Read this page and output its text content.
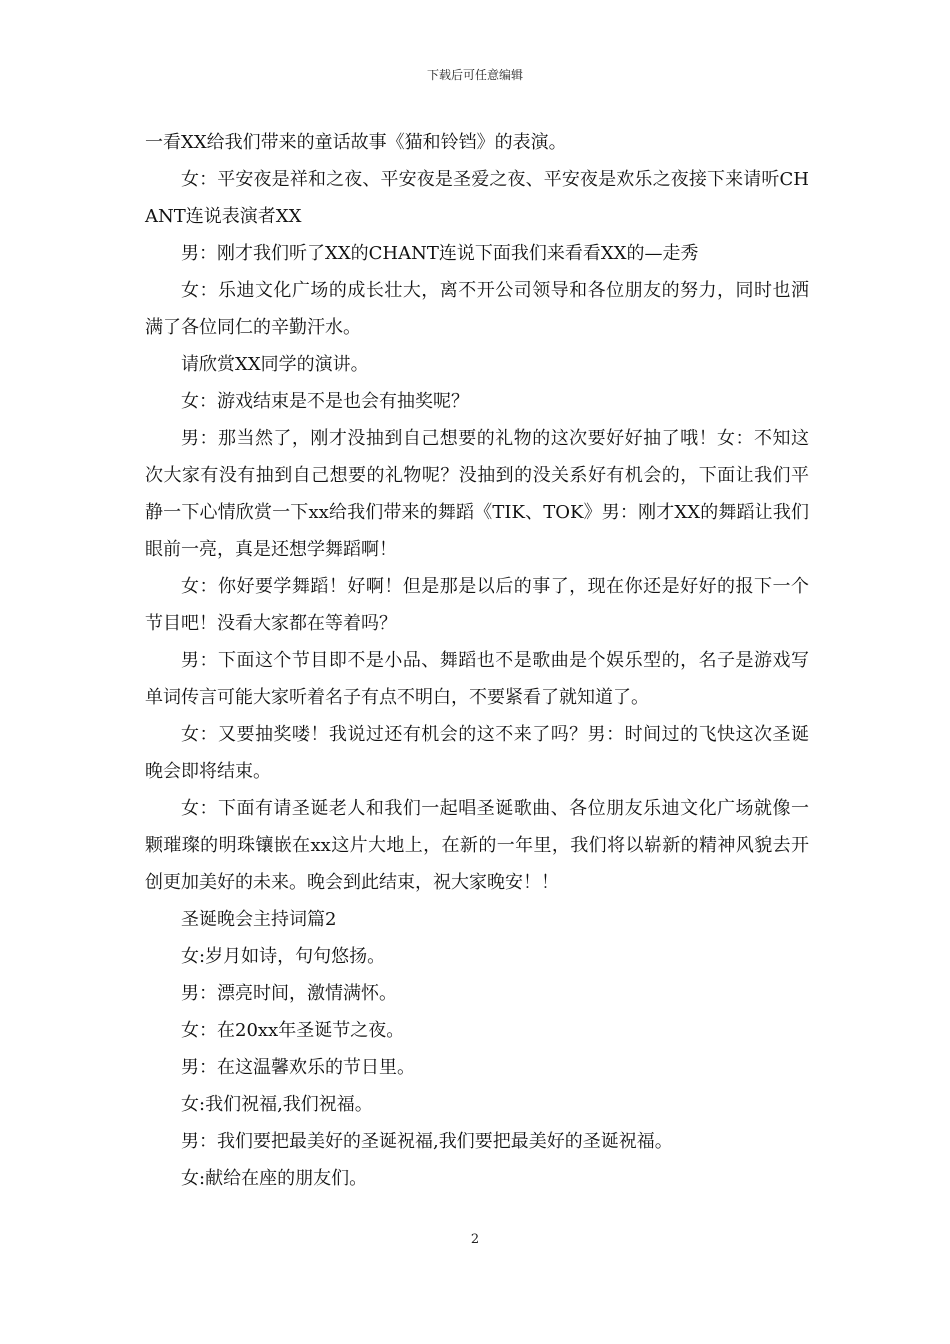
下载后可任意编辑

一看XX给我们带来的童话故事《猫和铃铛》的表演。

女：平安夜是祥和之夜、平安夜是圣爱之夜、平安夜是欢乐之夜接下来请听CHANT连说表演者XX

男：刚才我们听了XX的CHANT连说下面我们来看看XX的—走秀

女：乐迪文化广场的成长壮大，离不开公司领导和各位朋友的努力，同时也洒满了各位同仁的辛勤汗水。

请欣赏XX同学的演讲。

女：游戏结束是不是也会有抽奖呢？

男：那当然了，刚才没抽到自己想要的礼物的这次要好好抽了哦！女：不知这次大家有没有抽到自己想要的礼物呢？没抽到的没关系好有机会的，下面让我们平静一下心情欣赏一下xx给我们带来的舞蹈《TIK、TOK》男：刚才XX的舞蹈让我们眼前一亮，真是还想学舞蹈啊！

女：你好要学舞蹈！好啊！但是那是以后的事了，现在你还是好好的报下一个节目吧！没看大家都在等着吗？

男：下面这个节目即不是小品、舞蹈也不是歌曲是个娱乐型的，名子是游戏写单词传言可能大家听着名子有点不明白，不要紧看了就知道了。

女：又要抽奖喽！我说过还有机会的这不来了吗？男：时间过的飞快这次圣诞晚会即将结束。

女：下面有请圣诞老人和我们一起唱圣诞歌曲、各位朋友乐迪文化广场就像一颗璀璨的明珠镶嵌在xx这片大地上，在新的一年里，我们将以崭新的精神风貌去开创更加美好的未来。晚会到此结束，祝大家晚安！！

圣诞晚会主持词篇2

女:岁月如诗，句句悠扬。

男：漂亮时间，激情满怀。

女：在20xx年圣诞节之夜。

男：在这温馨欢乐的节日里。

女:我们祝福,我们祝福。

男：我们要把最美好的圣诞祝福,我们要把最美好的圣诞祝福。

女:献给在座的朋友们。

2
